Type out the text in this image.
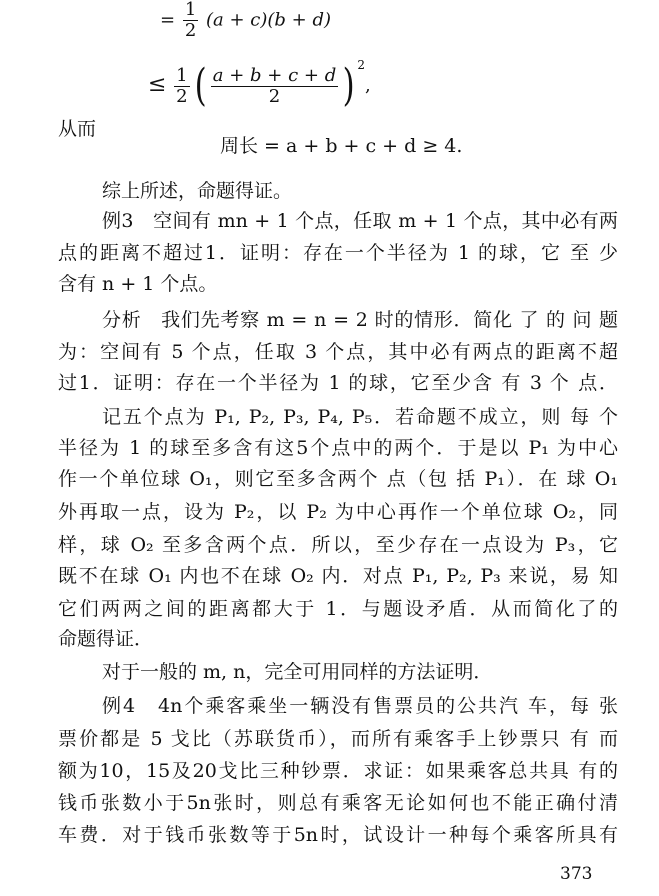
= $\frac{1}{2} (a + c)(b + d)$
≤ $\frac{1}{2}$ ( $\frac{a + b + c + d}{2}$ ) $^2$,
从而
周长 = a + b + c + d ≥ 4.
综上所述，命题得证。
例3　空间有 mn + 1 个点，任取 m + 1 个点，其中必有两
点的距离不超过1．证明：存在一个半径为 1 的球，它 至 少
含有 n + 1 个点。
分析　我们先考察 m = n = 2 时的情形．简化 了 的 问 题
为：空间有 5 个点，任取 3 个点，其中必有两点的距离不超
过1．证明：存在一个半径为 1 的球，它至少含 有 3 个 点．
记五个点为 P₁, P₂, P₃, P₄, P₅．若命题不成立，则 每 个
半径为 1 的球至多含有这5个点中的两个．于是以 P₁ 为中心
作一个单位球 O₁，则它至多含两个 点（包 括 P₁）．在 球 O₁
外再取一点，设为 P₂，以 P₂ 为中心再作一个单位球 O₂，同
样，球 O₂ 至多含两个点．所以，至少存在一点设为 P₃，它
既不在球 O₁ 内也不在球 O₂ 内．对点 P₁, P₂, P₃ 来说，易 知
它们两两之间的距离都大于 1．与题设矛盾．从而简化了的
命题得证．
对于一般的 m, n，完全可用同样的方法证明．
例4　4n个乘客乘坐一辆没有售票员的公共汽 车，每 张
票价都是 5 戈比（苏联货币），而所有乘客手上钞票只 有 而
额为10，15及20戈比三种钞票．求证：如果乘客总共具 有的
钱币张数小于5n张时，则总有乘客无论如何也不能正确付清
车费．对于钱币张数等于5n时，试设计一种每个乘客所具有
373
